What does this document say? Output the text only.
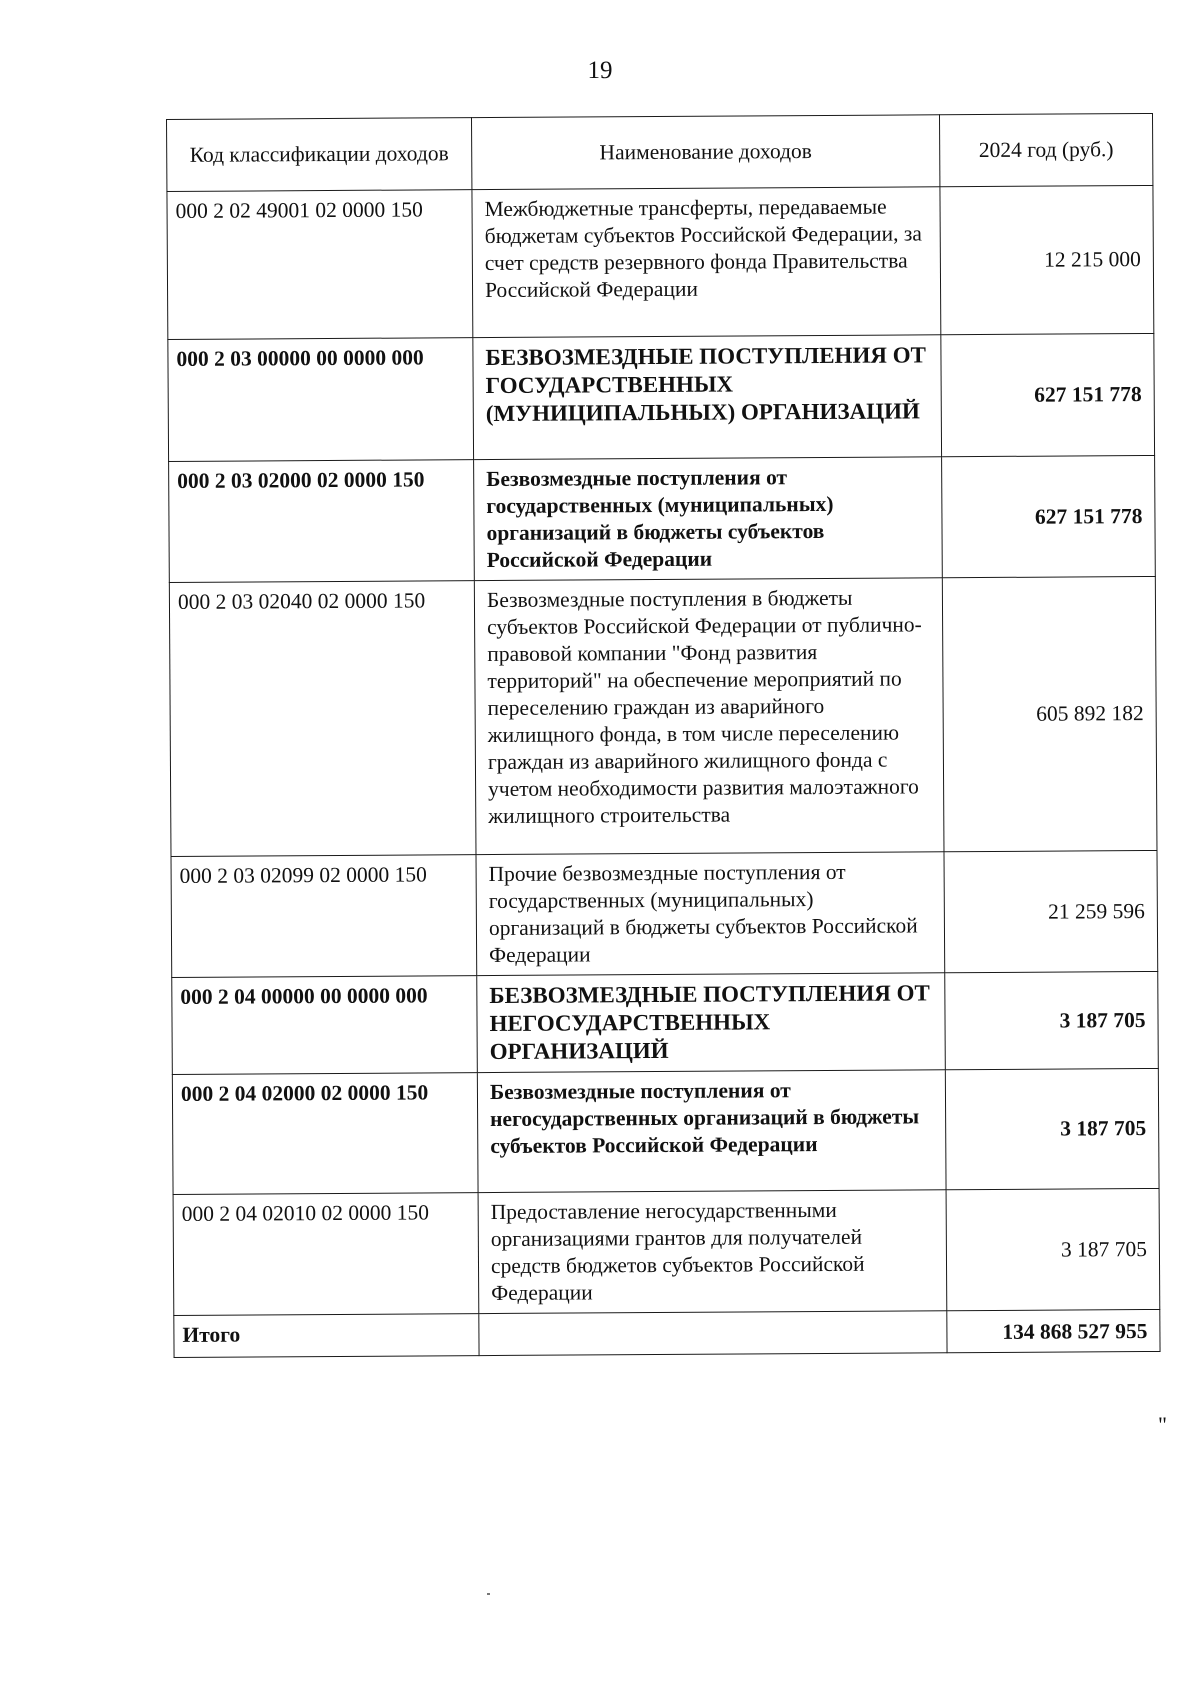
19
Код классификации доходов	Наименование доходов	2024 год (руб.)
000 2 02 49001 02 0000 150	Межбюджетные трансферты, передаваемые бюджетам субъектов Российской Федерации, за счет средств резервного фонда Правительства Российской Федерации	12 215 000
000 2 03 00000 00 0000 000	БЕЗВОЗМЕЗДНЫЕ ПОСТУПЛЕНИЯ ОТ ГОСУДАРСТВЕННЫХ (МУНИЦИПАЛЬНЫХ) ОРГАНИЗАЦИЙ	627 151 778
000 2 03 02000 02 0000 150	Безвозмездные поступления от государственных (муниципальных) организаций в бюджеты субъектов Российской Федерации	627 151 778
000 2 03 02040 02 0000 150	Безвозмездные поступления в бюджеты субъектов Российской Федерации от публично-правовой компании "Фонд развития территорий" на обеспечение мероприятий по переселению граждан из аварийного жилищного фонда, в том числе переселению граждан из аварийного жилищного фонда с учетом необходимости развития малоэтажного жилищного строительства	605 892 182
000 2 03 02099 02 0000 150	Прочие безвозмездные поступления от государственных (муниципальных) организаций в бюджеты субъектов Российской Федерации	21 259 596
000 2 04 00000 00 0000 000	БЕЗВОЗМЕЗДНЫЕ ПОСТУПЛЕНИЯ ОТ НЕГОСУДАРСТВЕННЫХ ОРГАНИЗАЦИЙ	3 187 705
000 2 04 02000 02 0000 150	Безвозмездные поступления от негосударственных организаций в бюджеты субъектов Российской Федерации	3 187 705
000 2 04 02010 02 0000 150	Предоставление негосударственными организациями грантов для получателей средств бюджетов субъектов Российской Федерации	3 187 705
Итого		134 868 527 955
"
